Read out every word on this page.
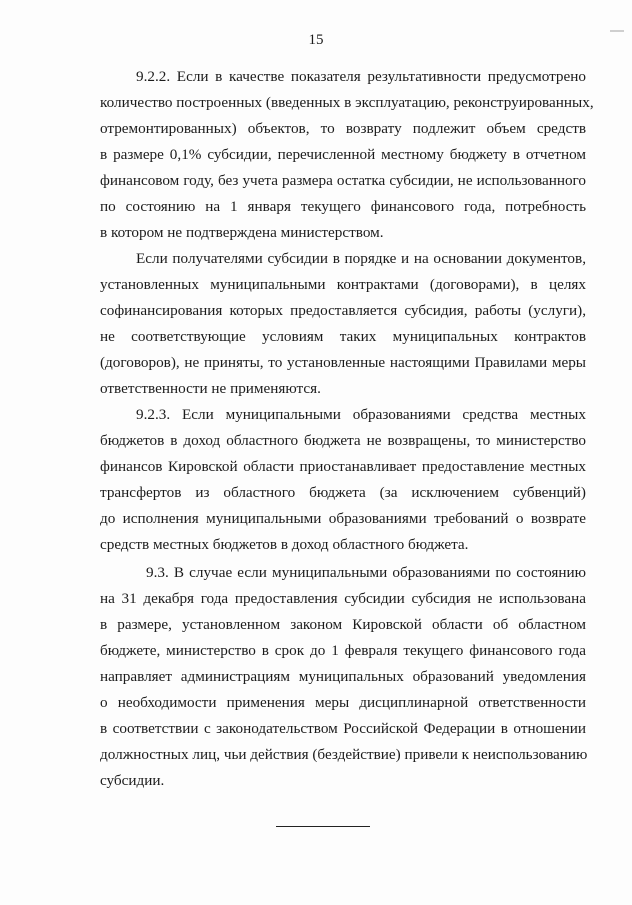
15
9.2.2. Если в качестве показателя результативности предусмотрено
количество построенных (введенных в эксплуатацию, реконструированных,
отремонтированных) объектов, то возврату подлежит объем средств
в размере 0,1% субсидии, перечисленной местному бюджету в отчетном
финансовом году, без учета размера остатка субсидии, не использованного
по состоянию на 1 января текущего финансового года, потребность
в котором не подтверждена министерством.
Если получателями субсидии в порядке и на основании документов,
установленных муниципальными контрактами (договорами), в целях
софинансирования которых предоставляется субсидия, работы (услуги),
не соответствующие условиям таких муниципальных контрактов
(договоров), не приняты, то установленные настоящими Правилами меры
ответственности не применяются.
9.2.3. Если муниципальными образованиями средства местных
бюджетов в доход областного бюджета не возвращены, то министерство
финансов Кировской области приостанавливает предоставление местных
трансфертов из областного бюджета (за исключением субвенций)
до исполнения муниципальными образованиями требований о возврате
средств местных бюджетов в доход областного бюджета.
9.3. В случае если муниципальными образованиями по состоянию
на 31 декабря года предоставления субсидии субсидия не использована
в размере, установленном законом Кировской области об областном
бюджете, министерство в срок до 1 февраля текущего финансового года
направляет администрациям муниципальных образований уведомления
о необходимости применения меры дисциплинарной ответственности
в соответствии с законодательством Российской Федерации в отношении
должностных лиц, чьи действия (бездействие) привели к неиспользованию
субсидии.
